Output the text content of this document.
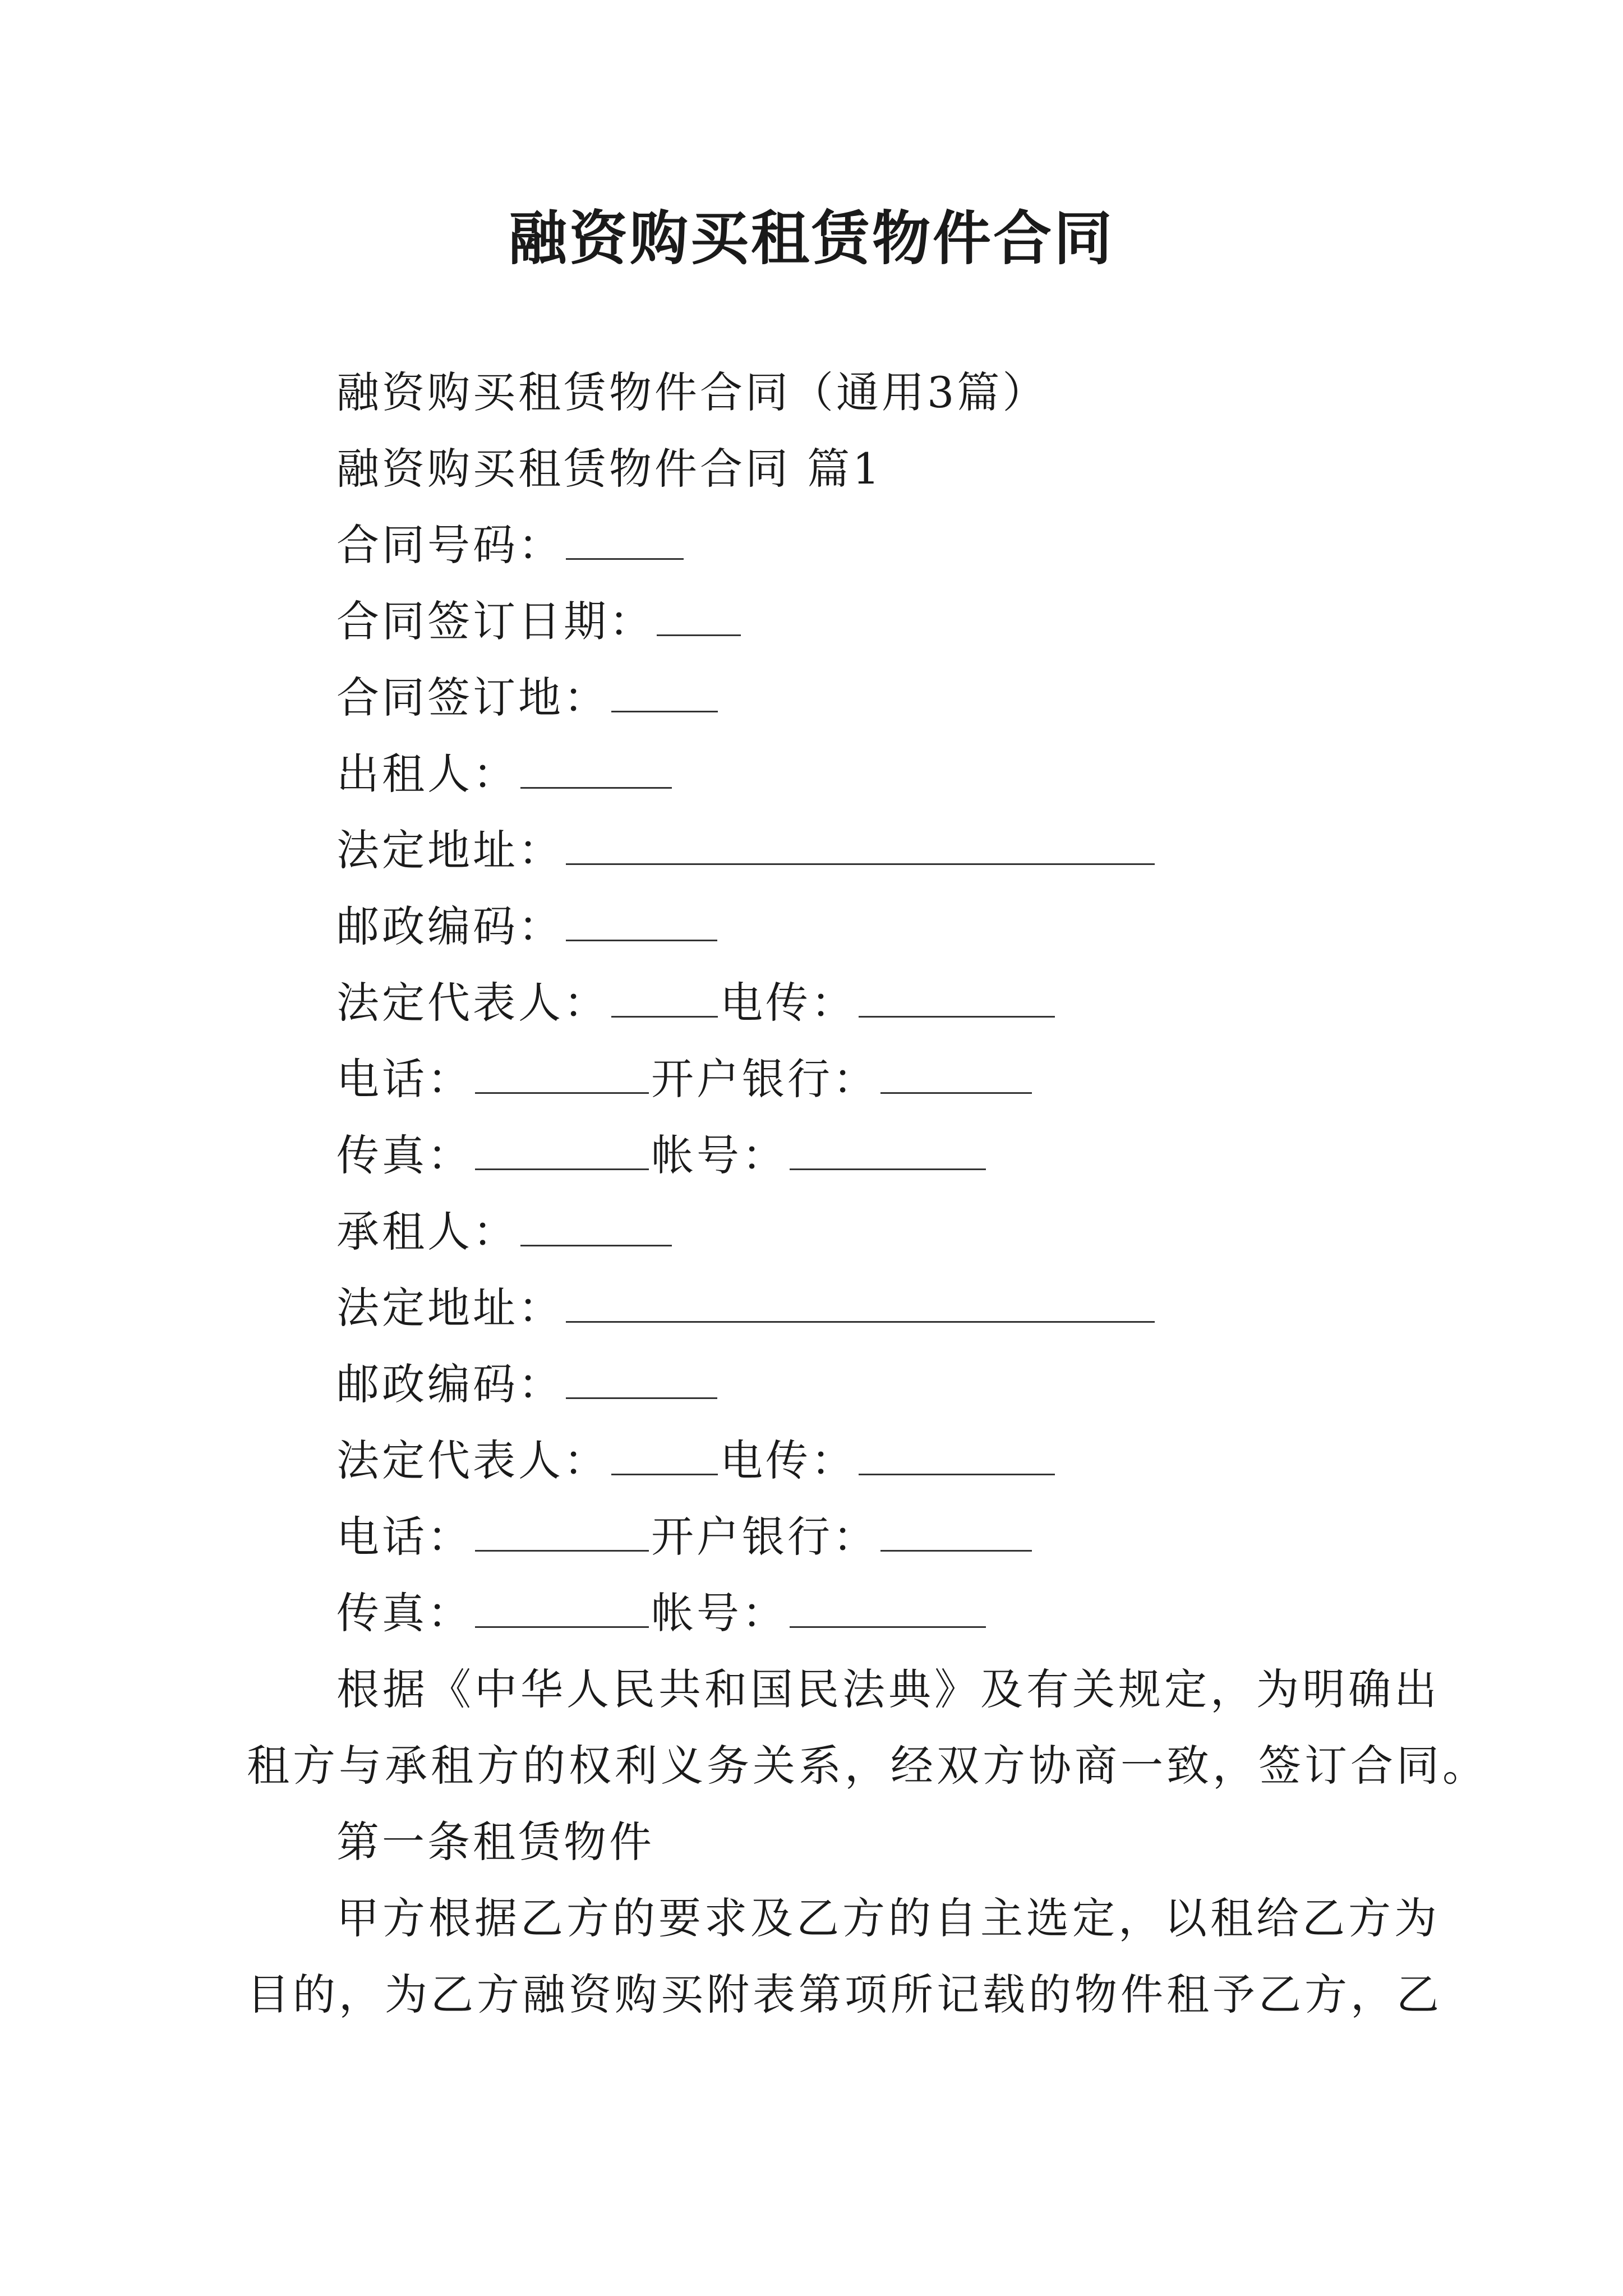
融资购买租赁物件合同
融资购买租赁物件合同（通用3篇）
融资购买租赁物件合同 篇1
合同号码：
合同签订日期：
合同签订地：
出租人：
法定地址：
邮政编码：
法定代表人：	电传：
电话：	开户银行：
传真：	帐号：
承租人：
法定地址：
邮政编码：
法定代表人：	电传：
电话：	开户银行：
传真：	帐号：
根据《中华人民共和国民法典》及有关规定，为明确出
租方与承租方的权利义务关系，经双方协商一致，签订合同。
第一条租赁物件
甲方根据乙方的要求及乙方的自主选定，以租给乙方为
目的，为乙方融资购买附表第项所记载的物件租予乙方，乙
